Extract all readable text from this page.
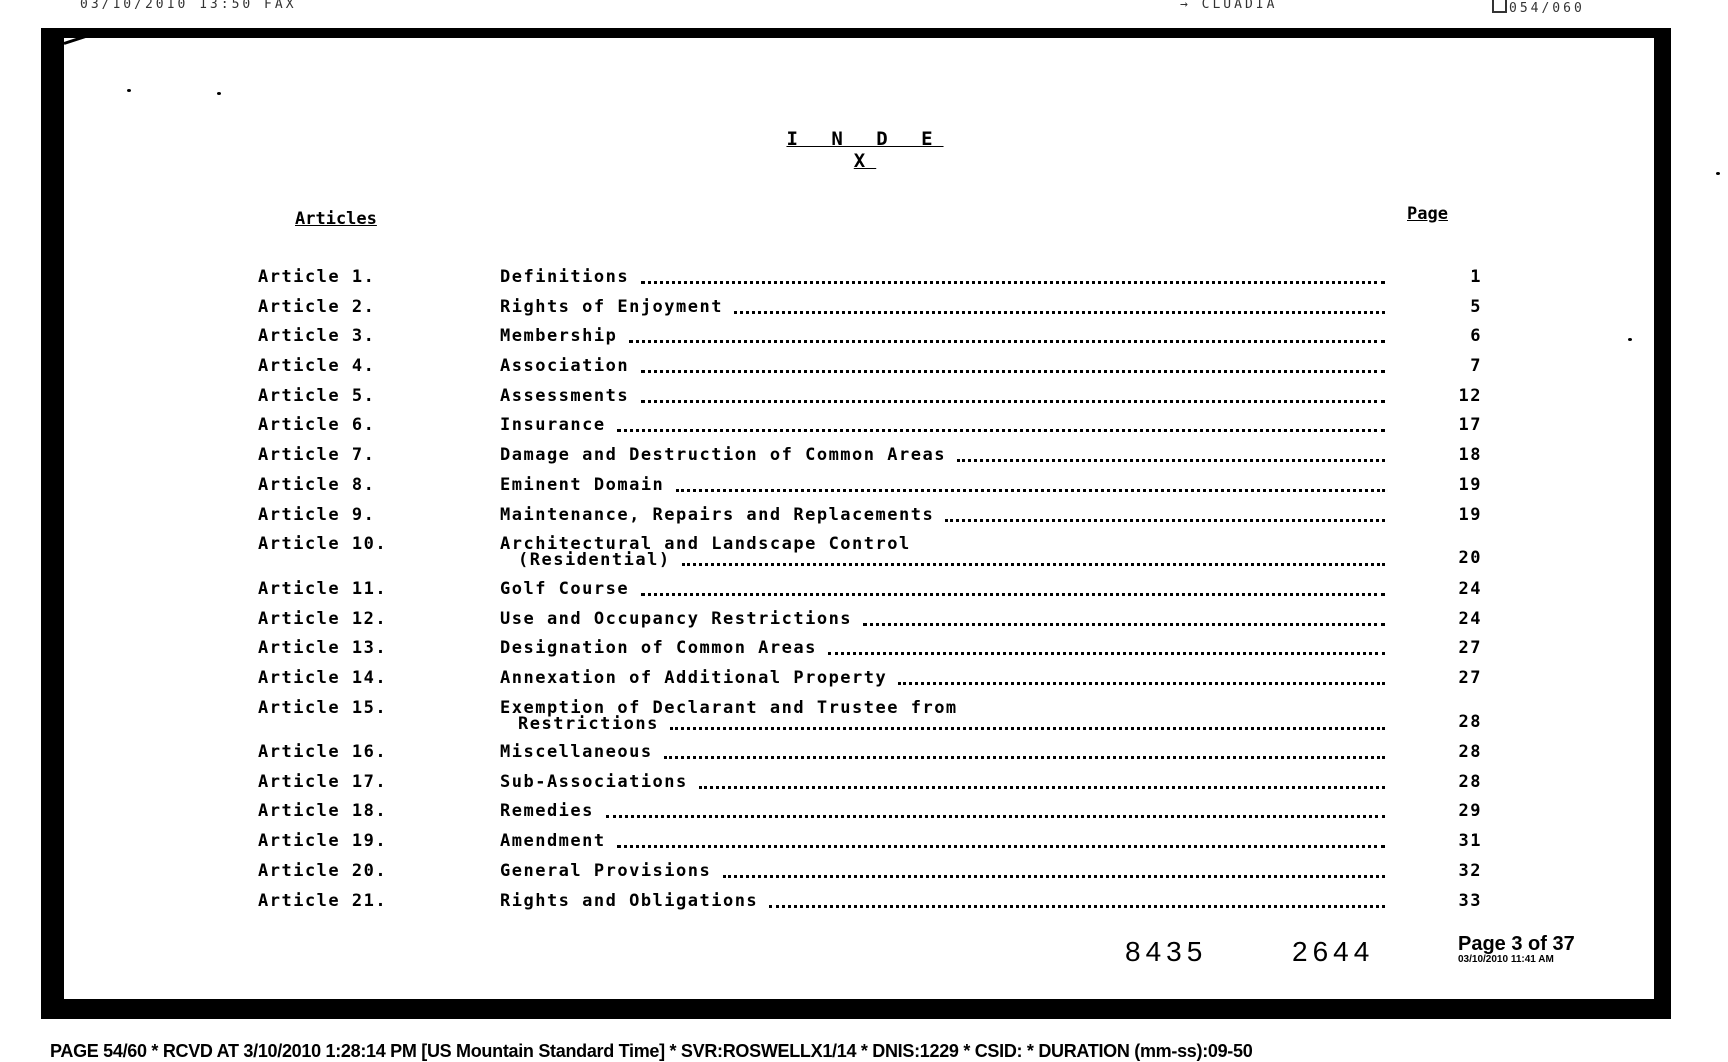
03/10/2010 13:50 FAX	→ CLUADIA	054/060
I N D E X
Articles	Page
Article 1.	Definitions	1
Article 2.	Rights of Enjoyment	5
Article 3.	Membership	6
Article 4.	Association	7
Article 5.	Assessments	12
Article 6.	Insurance	17
Article 7.	Damage and Destruction of Common Areas	18
Article 8.	Eminent Domain	19
Article 9.	Maintenance, Repairs and Replacements	19
Article 10.	Architectural and Landscape Control
(Residential)	20
Article 11.	Golf Course	24
Article 12.	Use and Occupancy Restrictions	24
Article 13.	Designation of Common Areas	27
Article 14.	Annexation of Additional Property	27
Article 15.	Exemption of Declarant and Trustee from
Restrictions	28
Article 16.	Miscellaneous	28
Article 17.	Sub-Associations	28
Article 18.	Remedies	29
Article 19.	Amendment	31
Article 20.	General Provisions	32
Article 21.	Rights and Obligations	33
8435	2644	Page 3 of 37
03/10/2010 11:41 AM
PAGE 54/60 * RCVD AT 3/10/2010 1:28:14 PM [US Mountain Standard Time] * SVR:ROSWELLX1/14 * DNIS:1229 * CSID: * DURATION (mm-ss):09-50
